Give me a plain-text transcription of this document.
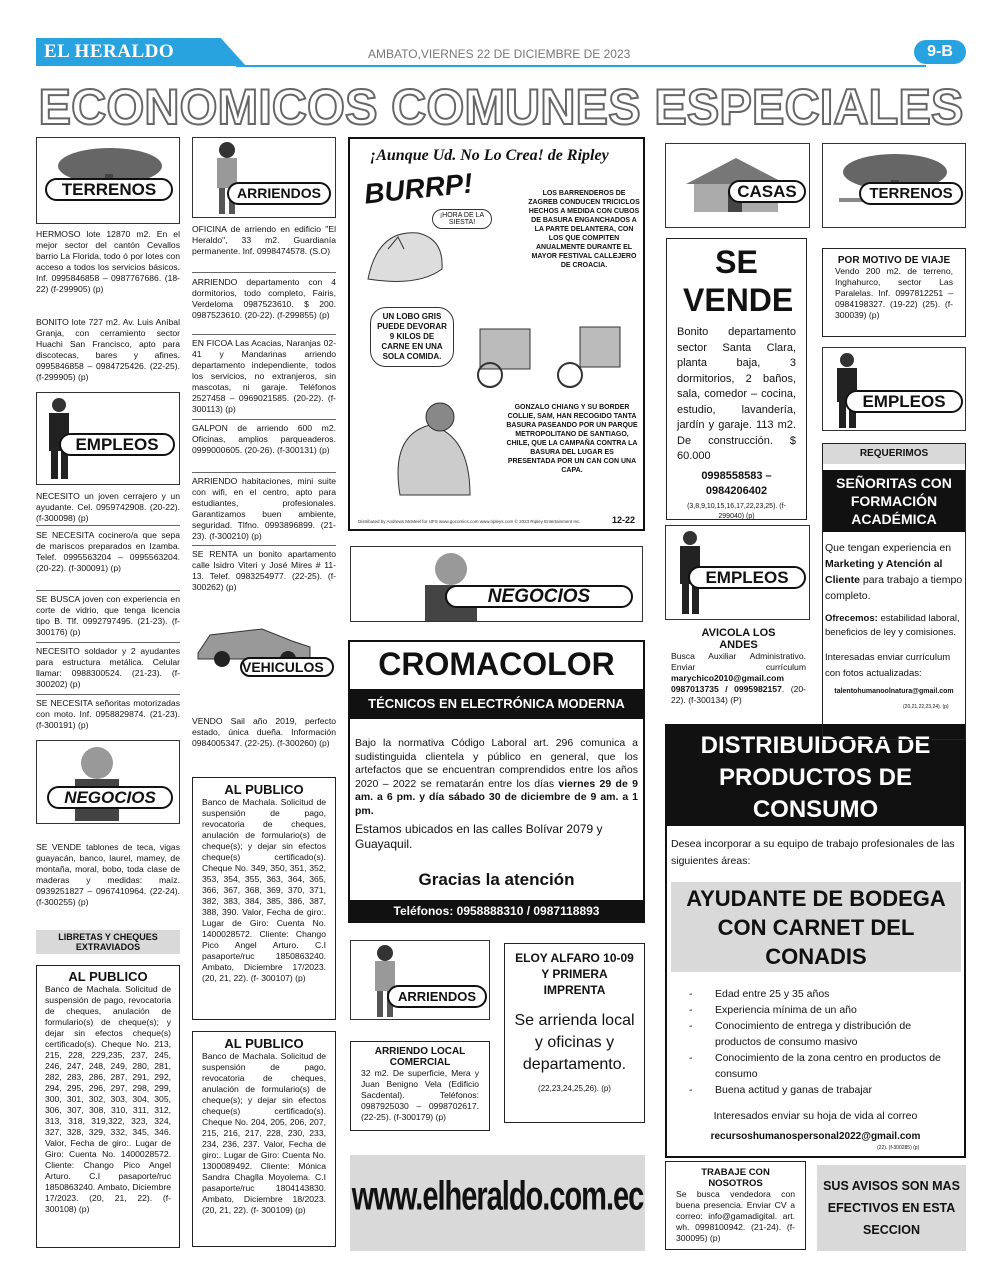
EL HERALDO	AMBATO,VIERNES 22 DE DICIEMBRE DE 2023	9-B
ECONOMICOS COMUNES ESPECIALES
TERRENOS
HERMOSO lote 12870 m2. En el mejor sector del cantón Cevallos barrio La Florida, todo ó por lotes con acceso a todos los servicios básicos. Inf. 0995846858 – 0987767686. (18-22) (f-299905) (p)
BONITO lote 727 m2. Av. Luis Aníbal Granja, con cerramiento sector Huachi San Francisco, apto para discotecas, bares y afines. 0995846858 – 0984725426. (22-25). (f-299905) (p)
EMPLEOS
NECESITO un joven cerrajero y un ayudante. Cel. 0959742908. (20-22). (f-300098) (p)
SE NECESITA cocinero/a que sepa de mariscos preparados en Izamba. Telef. 0995563204 – 0995563204. (20-22). (f-300091) (p)
SE BUSCA joven con experiencia en corte de vidrio, que tenga licencia tipo B. Tlf. 0992797495. (21-23). (f-300176) (p)
NECESITO soldador y 2 ayudantes para estructura metálica. Celular llamar: 0988300524. (21-23). (f-300202) (p)
SE NECESITA señoritas motorizadas con moto. Inf. 0958829874. (21-23). (f-300191) (p)
NEGOCIOS
SE VENDE tablones de teca, vigas guayacán, banco, laurel, mamey, de montaña, moral, bobo, toda clase de maderas y medidas: maíz. 0939251827 – 0967410964. (22-24).(f-300255) (p)
LIBRETAS Y CHEQUES EXTRAVIADOS
AL PUBLICO
Banco de Machala. Solicitud de suspensión de pago, revocatoria de cheques, anulación de formulario(s) de cheque(s); y dejar sin efectos cheque(s) certificado(s). Cheque No. 213, 215, 228, 229,235, 237, 245, 246, 247, 248, 249, 280, 281, 282, 283, 286, 287, 291, 292, 294, 295, 296, 297, 298, 299, 300, 301, 302, 303, 304, 305, 306, 307, 308, 310, 311, 312, 313, 318, 319,322, 323, 324, 327, 328, 329, 332, 345, 346. Valor, Fecha de giro:. Lugar de Giro: Cuenta No. 1400028572. Cliente: Chango Pico Angel Arturo. C.I pasaporte/ruc 1850863240. Ambato, Diciembre 17/2023. (20, 21, 22). (f- 300108) (p)
ARRIENDOS
OFICINA de arriendo en edificio "El Heraldo", 33 m2. Guardianía permanente. Inf. 0998474578. (S.O)
ARRIENDO departamento con 4 dormitorios, todo completo, Fairis, Verdeloma 0987523610. $ 200. 0987523610. (20-22). (f-299855) (p)
EN FICOA Las Acacias, Naranjas 02-41 y Mandarinas arriendo departamento independiente, todos los servicios, no extranjeros, sin mascotas, ni garaje. Teléfonos 2527458 – 0969021585. (20-22). (f-300113) (p)
GALPON de arriendo 600 m2. Oficinas, amplios parqueaderos. 0999000605. (20-26). (f-300131) (p)
ARRIENDO habitaciones, mini suite con wifi, en el centro, apto para estudiantes, profesionales. Garantizamos buen ambiente, seguridad. Tlfno. 0993896899. (21-23). (f-300210) (p)
SE RENTA un bonito apartamento calle Isidro Viteri y José Mires # 11-13. Telef. 0983254977. (22-25). (f-300262) (p)
VEHICULOS
VENDO Sail año 2019, perfecto estado, única dueña. Información 0984005347. (22-25). (f-300260) (p)
AL PUBLICO
Banco de Machala. Solicitud de suspensión de pago, revocatoria de cheques, anulación de formulario(s) de cheque(s); y dejar sin efectos cheque(s) certificado(s). Cheque No. 349, 350, 351, 352, 353, 354, 355, 363, 364, 365, 366, 367, 368, 369, 370, 371, 382, 383, 384, 385, 386, 387, 388, 390. Valor, Fecha de giro:. Lugar de Giro: Cuenta No. 1400028572. Cliente: Chango Pico Angel Arturo. C.I pasaporte/ruc 1850863240. Ambato, Diciembre 17/2023. (20, 21, 22). (f- 300107) (p)
AL PUBLICO
Banco de Machala. Solicitud de suspensión de pago, revocatoria de cheques, anulación de formulario(s) de cheque(s); y dejar sin efectos cheque(s) certificado(s). Cheque No. 204, 205, 206, 207, 215, 216, 217, 228, 230, 233, 234, 236, 237. Valor, Fecha de giro:. Lugar de Giro: Cuenta No. 1300089492. Cliente: Mónica Sandra Chaglla Moyolema. C.I pasaporte/ruc 1804143830. Ambato, Diciembre 18/2023. (20, 21, 22). (f- 300109) (p)
¡Aunque Ud. No Lo Crea! de Ripley
BURRP!
¡HORA DE LA SIESTA!
LOS BARRENDEROS DE ZAGREB CONDUCEN TRICICLOS HECHOS A MEDIDA CON CUBOS DE BASURA ENGANCHADOS A LA PARTE DELANTERA, CON LOS QUE COMPITEN ANUALMENTE DURANTE EL MAYOR FESTIVAL CALLEJERO DE CROACIA.
UN LOBO GRIS PUEDE DEVORAR 9 KILOS DE CARNE EN UNA SOLA COMIDA.
GONZALO CHIANG Y SU BORDER COLLIE, SAM, HAN RECOGIDO TANTA BASURA PASEANDO POR UN PARQUE METROPOLITANO DE SANTIAGO, CHILE, QUE LA CAMPAÑA CONTRA LA BASURA DEL LUGAR ES PRESENTADA POR UN CAN CON UNA CAPA.
Distributed by Andrews McMeel for UFS www.gocomics.com www.ripleys.com © 2023 Ripley Entertainment Inc.	12-22
NEGOCIOS
CROMACOLOR
TÉCNICOS EN ELECTRÓNICA MODERNA
Bajo la normativa Código Laboral art. 296 comunica a sudistinguida clientela y público en general, que los artefactos que se encuentran comprendidos entre los años 2020 – 2022 se rematarán entre los días viernes 29 de 9 am. a 6 pm. y día sábado 30 de diciembre de 9 am. a 1 pm.
Estamos ubicados en las calles Bolívar 2079 y Guayaquil.
Gracias la atención
Teléfonos: 0958888310 / 0987118893
(22). (f-300261) (p)
ARRIENDOS
ARRIENDO LOCAL COMERCIAL
32 m2. De superficie, Mera y Juan Benigno Vela (Edificio Sacdental). Teléfonos: 0987925030 – 0998702617. (22-25). (f-300179) (p)
ELOY ALFARO 10-09 Y PRIMERA IMPRENTA
Se arrienda local y oficinas y departamento.
(22,23,24,25,26). (p)
www.elheraldo.com.ec
CASAS
SE VENDE
Bonito departamento sector Santa Clara, planta baja, 3 dormitorios, 2 baños, sala, comedor – cocina, estudio, lavandería, jardín y garaje. 113 m2. De construcción. $ 60.000
0998558583 – 0984206402
(3,8,9,10,15,16,17,22,23,25). (f-299040) (p)
EMPLEOS
AVICOLA LOS ANDES
Busca Auxiliar Administrativo. Enviar currículum marychico2010@gmail.com 0987013735 / 0995982157. (20-22). (f-300134) (P)
DISTRIBUIDORA DE PRODUCTOS DE CONSUMO
Desea incorporar a su equipo de trabajo profesionales de las siguientes áreas:
AYUDANTE DE BODEGA CON CARNET DEL CONADIS
- Edad entre 25 y 35 años
- Experiencia mínima de un año
- Conocimiento de entrega y distribución de productos de consumo masivo
- Conocimiento de la zona centro en productos de consumo
- Buena actitud y ganas de trabajar
Interesados enviar su hoja de vida al correo
recursoshumanospersonal2022@gmail.com
(22). (f-300285) (p)
TRABAJE CON NOSOTROS
Se busca vendedora con buena presencia. Enviar CV a correo: info@gamadigital. art. wh. 0998100942. (21-24). (f-300095) (p)
TERRENOS
POR MOTIVO DE VIAJE
Vendo 200 m2. de terreno, Inghahurco, sector Las Paralelas. Inf. 0997812251 – 0984198327. (19-22) (25). (f-300039) (p)
EMPLEOS
REQUERIMOS
SEÑORITAS CON FORMACIÓN ACADÉMICA
Que tengan experiencia en Marketing y Atención al Cliente para trabajo a tiempo completo.
Ofrecemos: estabilidad laboral, beneficios de ley y comisiones.
Interesadas enviar currículum con fotos actualizadas:
talentohumanoolnatura@gmail.com
(20,21,22,23,24). (p)
SUS AVISOS SON MAS EFECTIVOS EN ESTA SECCION
